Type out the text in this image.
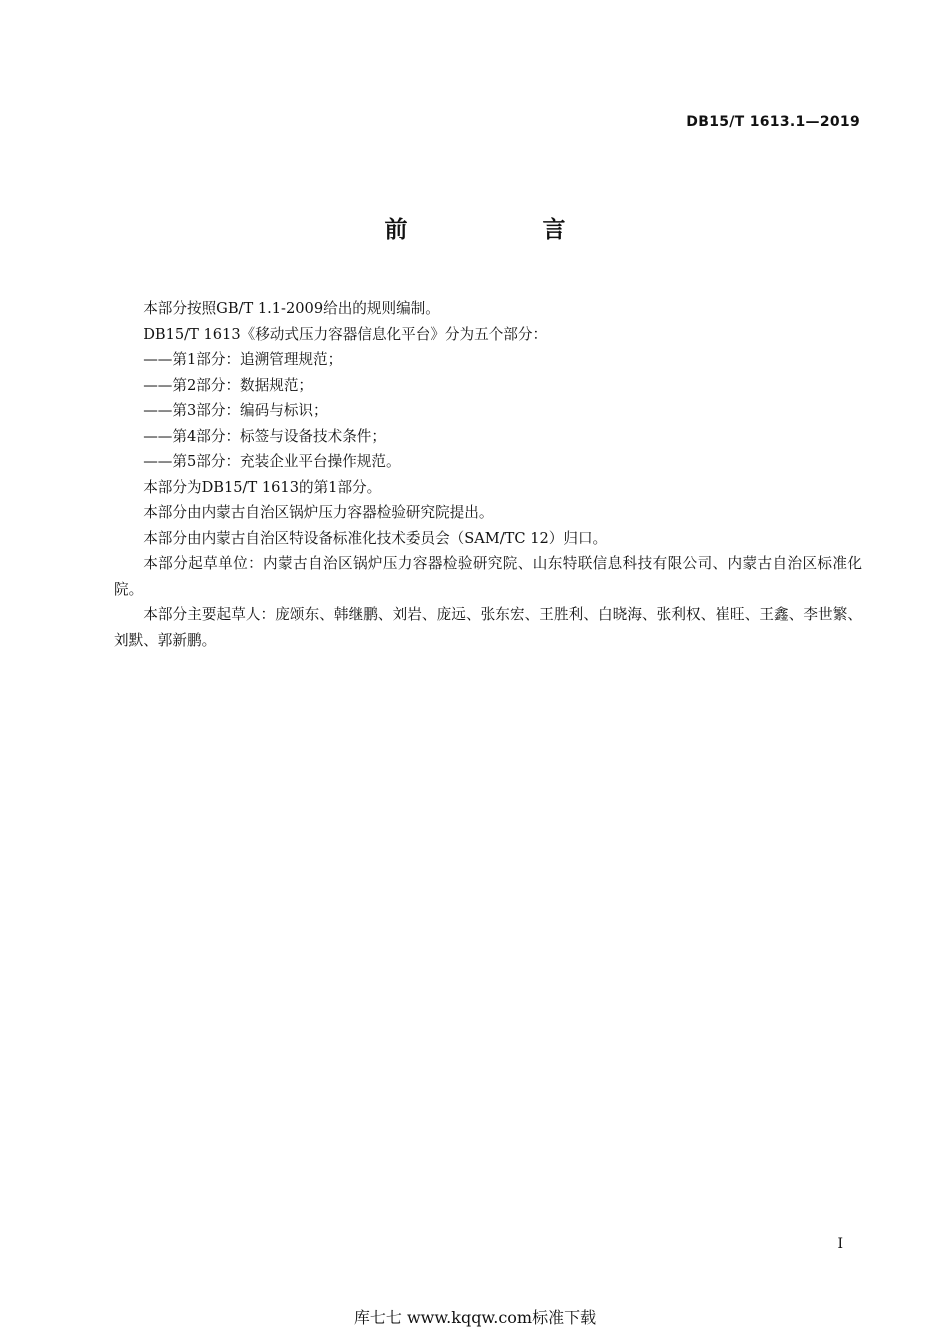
DB15/T 1613.1—2019
前　言

本部分按照GB/T 1.1-2009给出的规则编制。

DB15/T 1613《移动式压力容器信息化平台》分为五个部分：

——第1部分：追溯管理规范；

——第2部分：数据规范；

——第3部分：编码与标识；

——第4部分：标签与设备技术条件；

——第5部分：充装企业平台操作规范。

本部分为DB15/T 1613的第1部分。

本部分由内蒙古自治区锅炉压力容器检验研究院提出。

本部分由内蒙古自治区特设备标准化技术委员会（SAM/TC 12）归口。

本部分起草单位：内蒙古自治区锅炉压力容器检验研究院、山东特联信息科技有限公司、内蒙古自治区标准化院。

本部分主要起草人：庞颂东、韩继鹏、刘岩、庞远、张东宏、王胜利、白晓海、张利权、崔旺、王鑫、李世繁、刘默、郭新鹏。

I
库七七 www.kqqw.com标准下载
